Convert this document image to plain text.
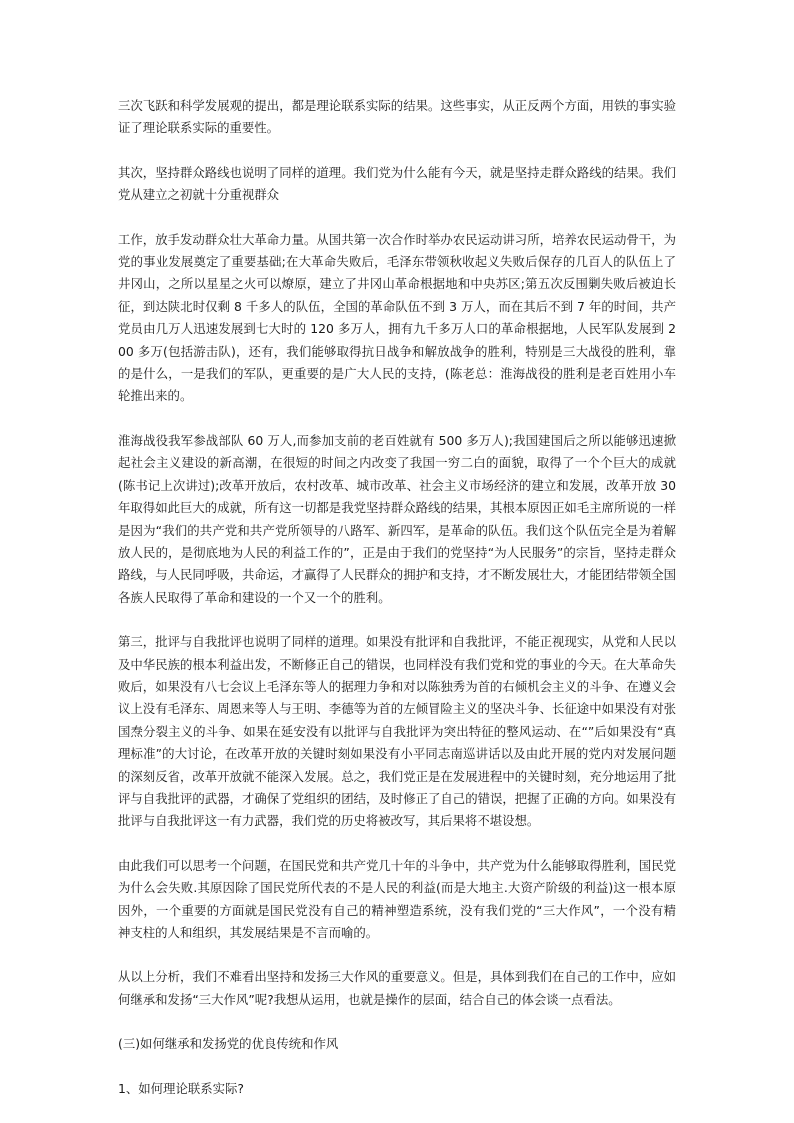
三次飞跃和科学发展观的提出，都是理论联系实际的结果。这些事实，从正反两个方面，用铁的事实验证了理论联系实际的重要性。

其次，坚持群众路线也说明了同样的道理。我们党为什么能有今天，就是坚持走群众路线的结果。我们党从建立之初就十分重视群众

工作，放手发动群众壮大革命力量。从国共第一次合作时举办农民运动讲习所，培养农民运动骨干，为党的事业发展奠定了重要基础;在大革命失败后，毛泽东带领秋收起义失败后保存的几百人的队伍上了井冈山，之所以星星之火可以燎原，建立了井冈山革命根据地和中央苏区;第五次反围剿失败后被迫长征，到达陕北时仅剩 8 千多人的队伍，全国的革命队伍不到 3 万人，而在其后不到 7 年的时间，共产党员由几万人迅速发展到七大时的 120 多万人，拥有九千多万人口的革命根据地，人民军队发展到 200 多万(包括游击队)，还有，我们能够取得抗日战争和解放战争的胜利，特别是三大战役的胜利，靠的是什么，一是我们的军队，更重要的是广大人民的支持，(陈老总：淮海战役的胜利是老百姓用小车轮推出来的。

淮海战役我军参战部队 60 万人,而参加支前的老百姓就有 500 多万人);我国建国后之所以能够迅速掀起社会主义建设的新高潮，在很短的时间之内改变了我国一穷二白的面貌，取得了一个个巨大的成就(陈书记上次讲过);改革开放后，农村改革、城市改革、社会主义市场经济的建立和发展，改革开放 30 年取得如此巨大的成就，所有这一切都是我党坚持群众路线的结果，其根本原因正如毛主席所说的一样是因为“我们的共产党和共产党所领导的八路军、新四军，是革命的队伍。我们这个队伍完全是为着解放人民的，是彻底地为人民的利益工作的”，正是由于我们的党坚持“为人民服务”的宗旨，坚持走群众路线，与人民同呼吸，共命运，才赢得了人民群众的拥护和支持，才不断发展壮大，才能团结带领全国各族人民取得了革命和建设的一个又一个的胜利。

第三，批评与自我批评也说明了同样的道理。如果没有批评和自我批评，不能正视现实，从党和人民以及中华民族的根本利益出发，不断修正自己的错误，也同样没有我们党和党的事业的今天。在大革命失败后，如果没有八七会议上毛泽东等人的据理力争和对以陈独秀为首的右倾机会主义的斗争、在遵义会议上没有毛泽东、周恩来等人与王明、李德等为首的左倾冒险主义的坚决斗争、长征途中如果没有对张国焘分裂主义的斗争、如果在延安没有以批评与自我批评为突出特征的整风运动、在“”后如果没有“真理标准”的大讨论，在改革开放的关键时刻如果没有小平同志南巡讲话以及由此开展的党内对发展问题的深刻反省，改革开放就不能深入发展。总之，我们党正是在发展进程中的关键时刻，充分地运用了批评与自我批评的武器，才确保了党组织的团结，及时修正了自己的错误，把握了正确的方向。如果没有批评与自我批评这一有力武器，我们党的历史将被改写，其后果将不堪设想。

由此我们可以思考一个问题，在国民党和共产党几十年的斗争中，共产党为什么能够取得胜利，国民党为什么会失败.其原因除了国民党所代表的不是人民的利益(而是大地主.大资产阶级的利益)这一根本原因外，一个重要的方面就是国民党没有自己的精神塑造系统，没有我们党的“三大作风”，一个没有精神支柱的人和组织，其发展结果是不言而喻的。

从以上分析，我们不难看出坚持和发扬三大作风的重要意义。但是，具体到我们在自己的工作中，应如何继承和发扬“三大作风”呢?我想从运用，也就是操作的层面，结合自己的体会谈一点看法。

(三)如何继承和发扬党的优良传统和作风

1、如何理论联系实际?
